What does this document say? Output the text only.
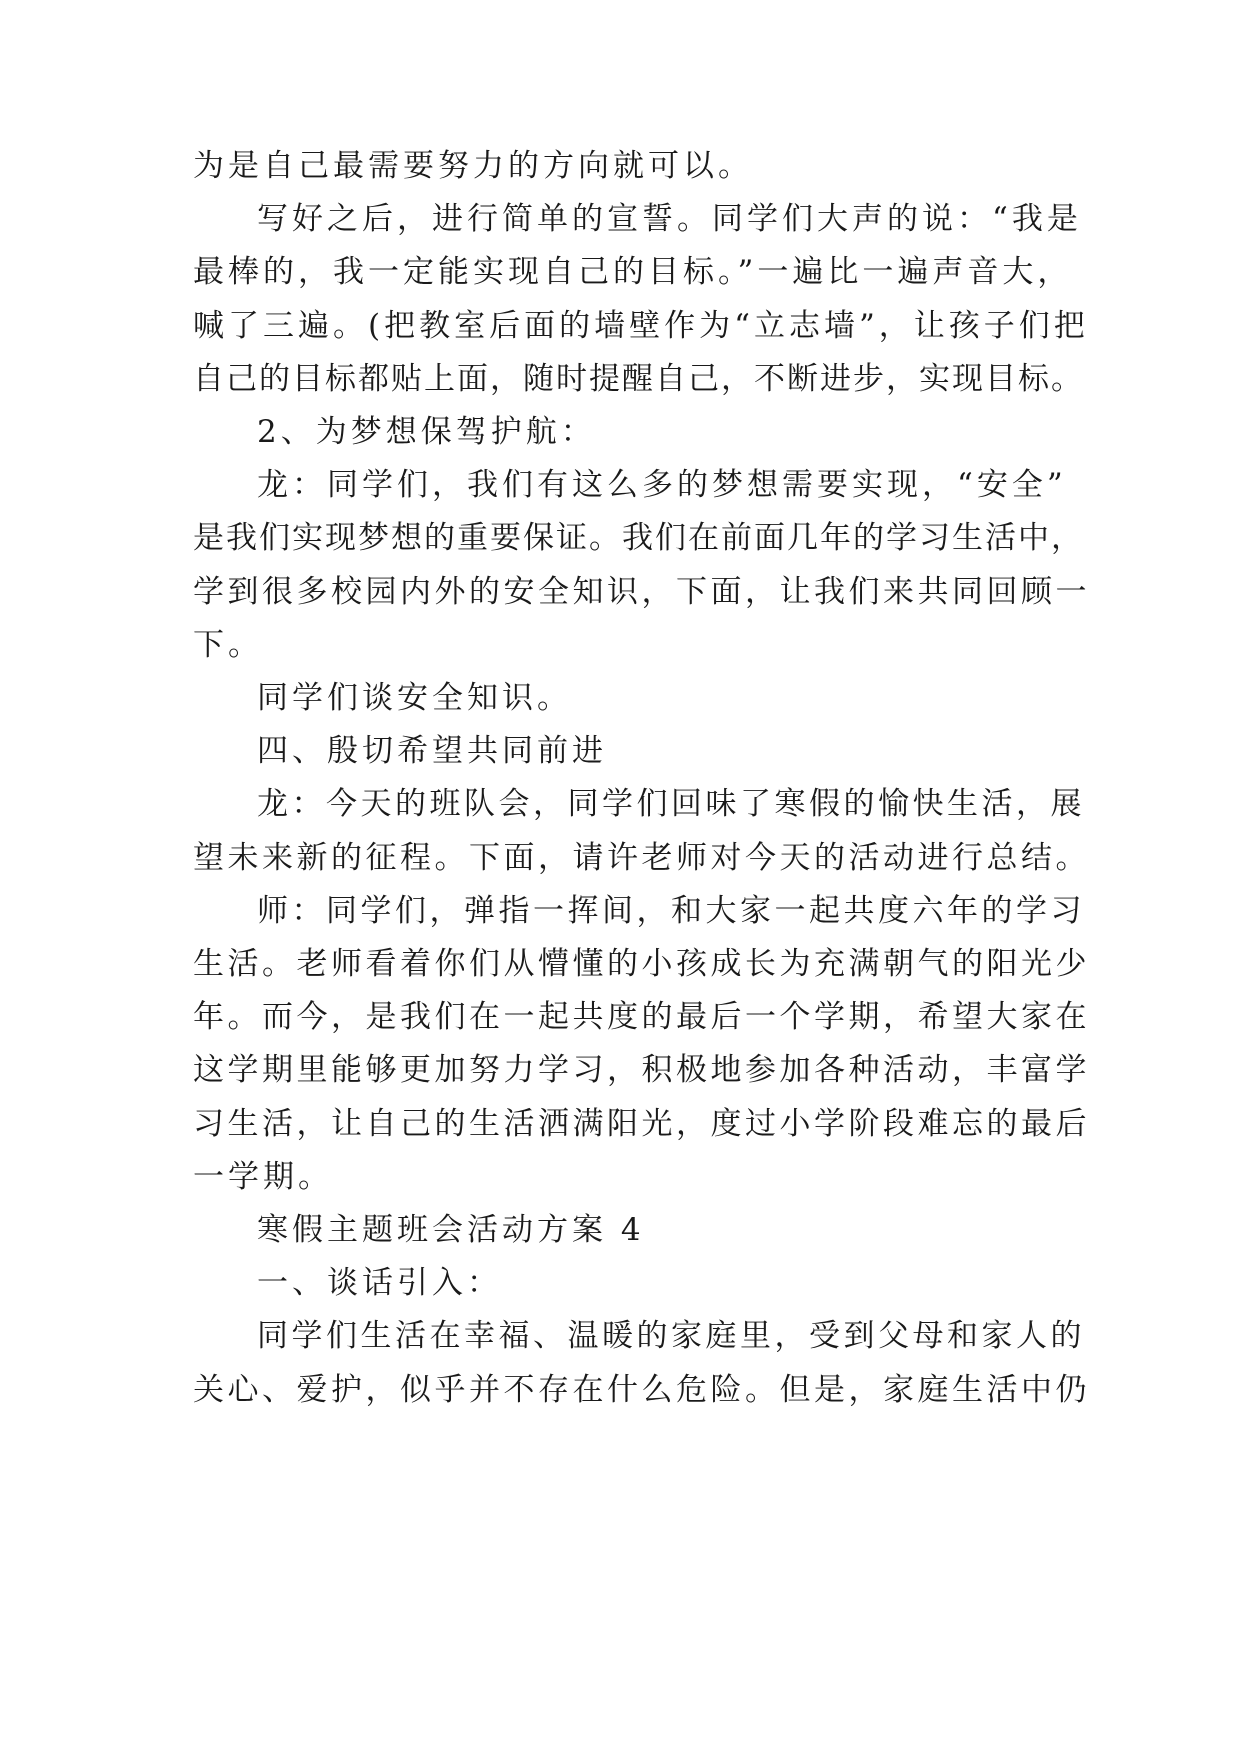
为是自己最需要努力的方向就可以。
写好之后，进行简单的宣誓。同学们大声的说：“我是
最棒的，我一定能实现自己的目标。”一遍比一遍声音大，
喊了三遍。(把教室后面的墙壁作为“立志墙”，让孩子们把
自己的目标都贴上面，随时提醒自己，不断进步，实现目标。
2、为梦想保驾护航：
龙：同学们，我们有这么多的梦想需要实现，“安全”
是我们实现梦想的重要保证。我们在前面几年的学习生活中，
学到很多校园内外的安全知识，下面，让我们来共同回顾一
下。
同学们谈安全知识。
四、殷切希望共同前进
龙：今天的班队会，同学们回味了寒假的愉快生活，展
望未来新的征程。下面，请许老师对今天的活动进行总结。
师：同学们，弹指一挥间，和大家一起共度六年的学习
生活。老师看着你们从懵懂的小孩成长为充满朝气的阳光少
年。而今，是我们在一起共度的最后一个学期，希望大家在
这学期里能够更加努力学习，积极地参加各种活动，丰富学
习生活，让自己的生活洒满阳光，度过小学阶段难忘的最后
一学期。
寒假主题班会活动方案 4
一、谈话引入：
同学们生活在幸福、温暖的家庭里，受到父母和家人的
关心、爱护，似乎并不存在什么危险。但是，家庭生活中仍
